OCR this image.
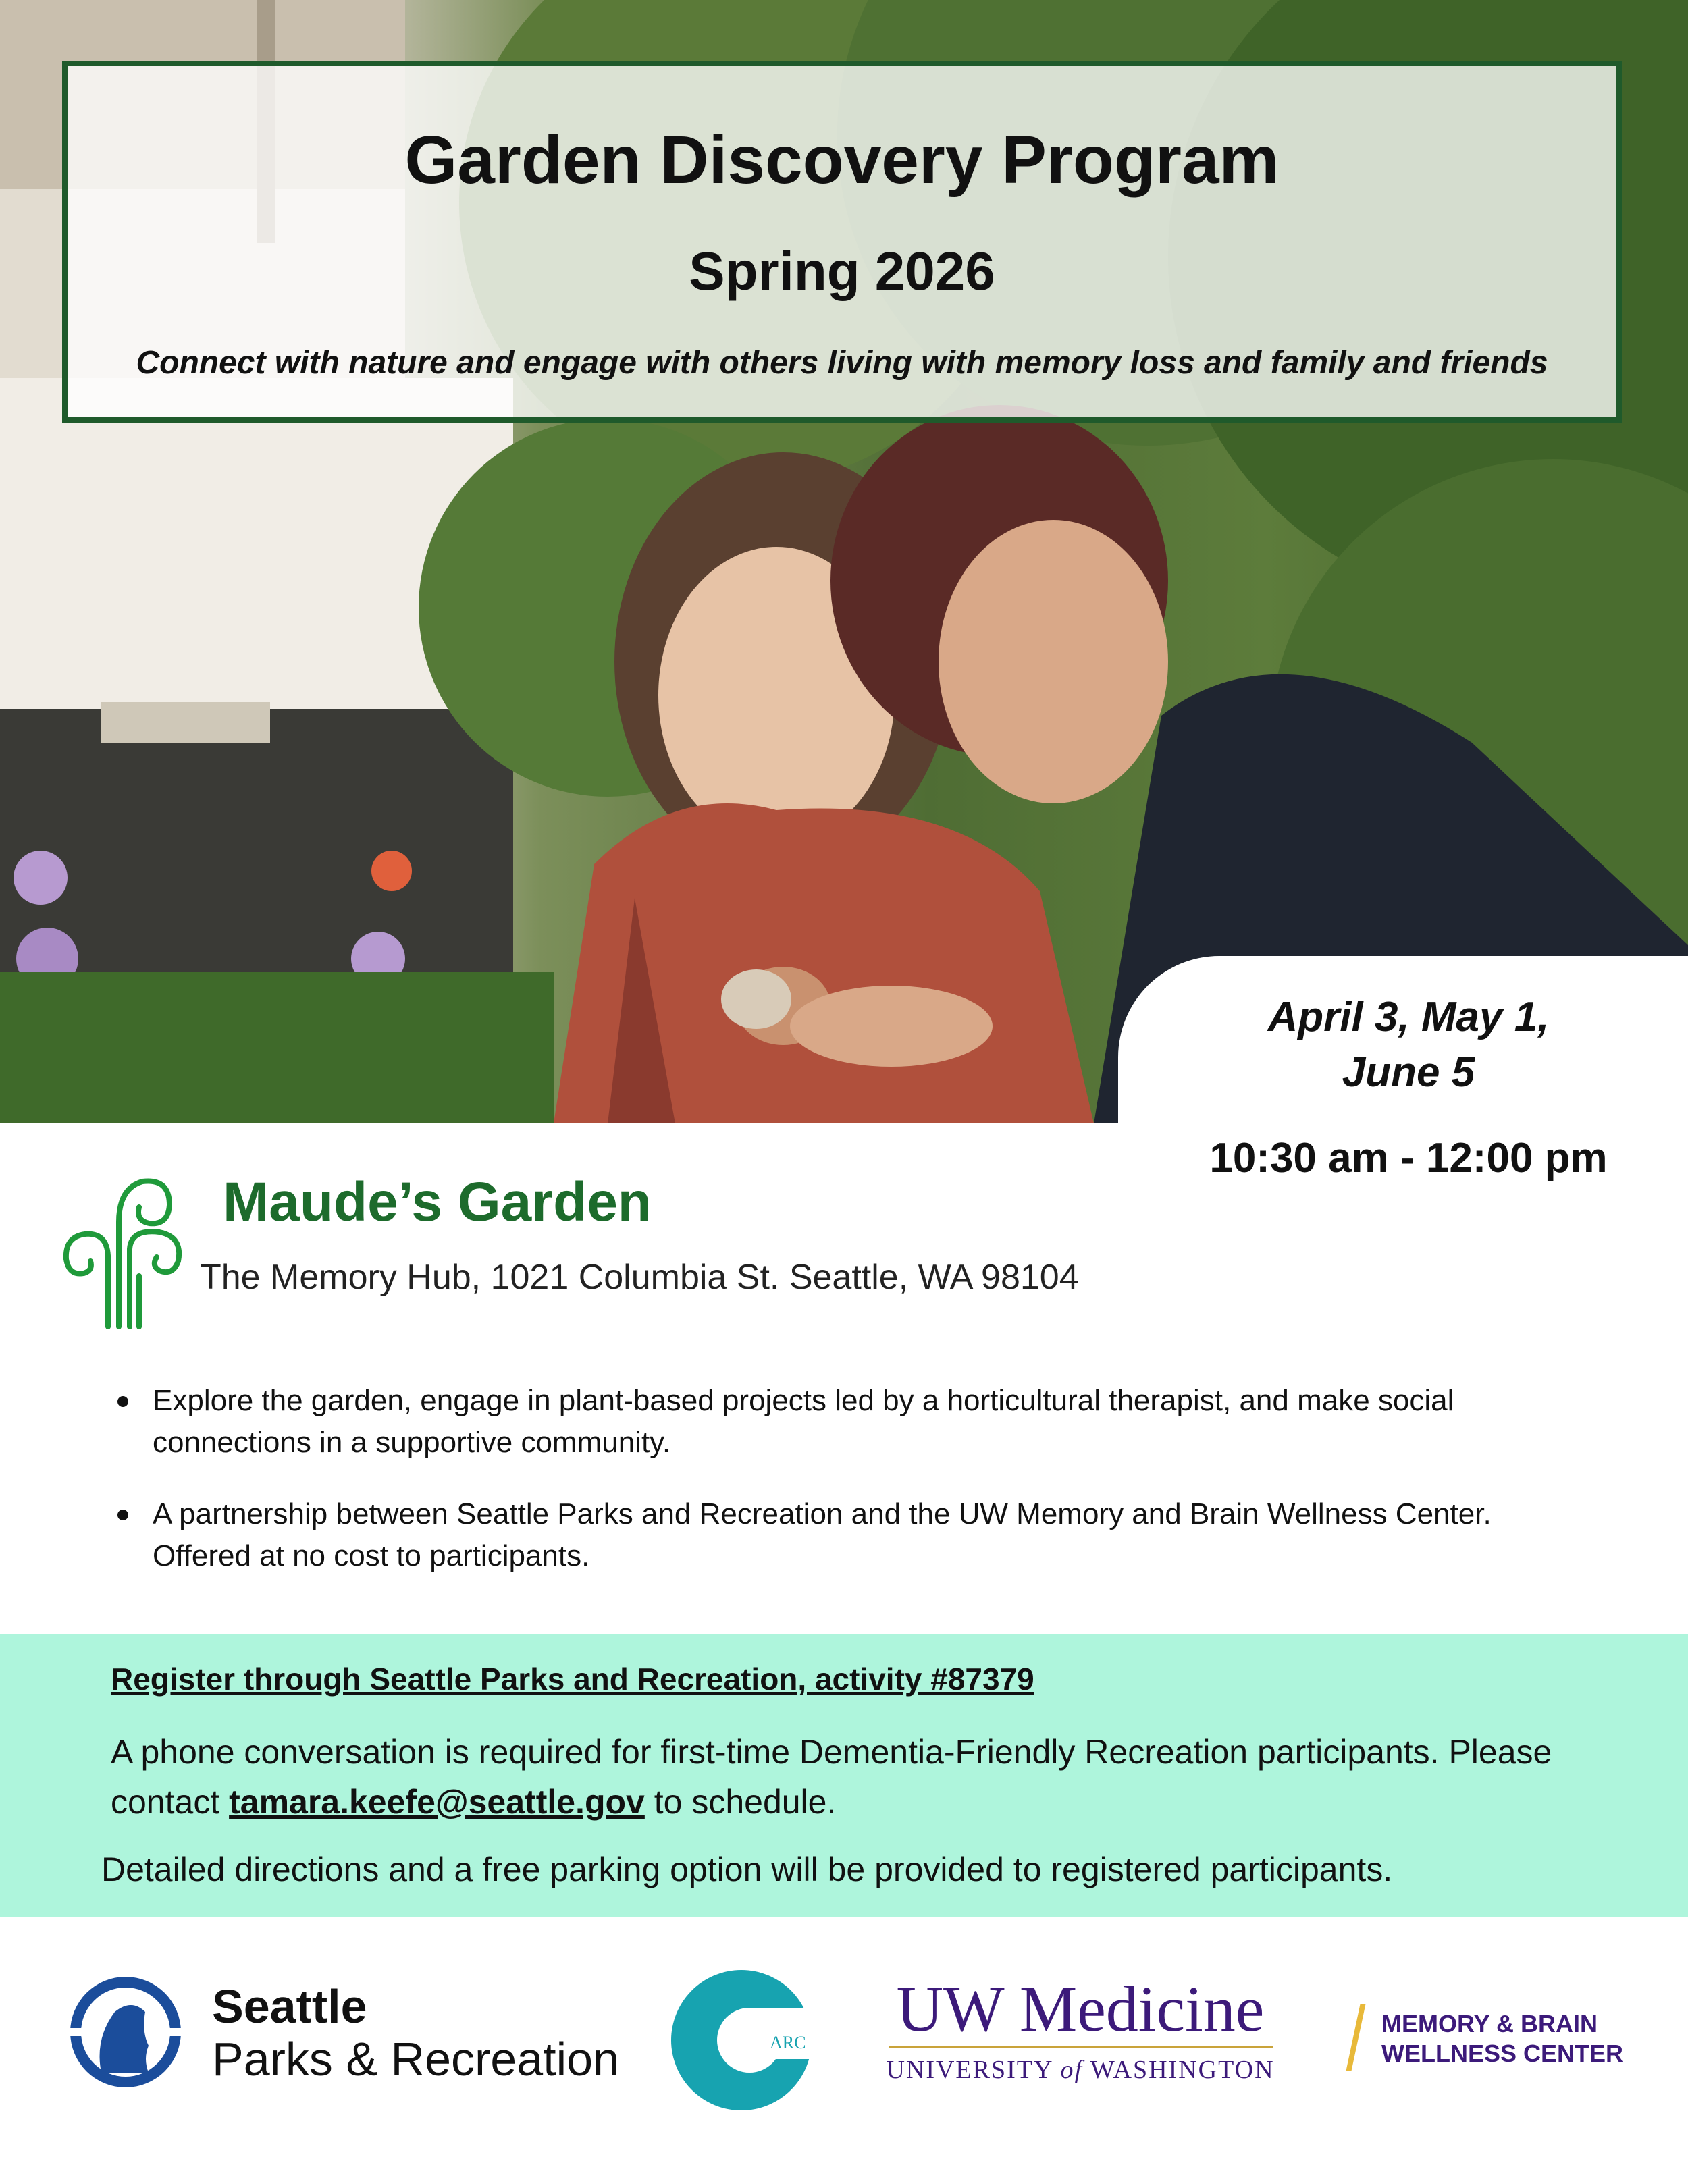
Garden Discovery Program
Spring 2026
Connect with nature and engage with others living with memory loss and family and friends
April 3, May 1,
June 5
10:30 am - 12:00 pm
Maude’s Garden
The Memory Hub, 1021 Columbia St. Seattle, WA 98104
Explore the garden, engage in plant-based projects led by a horticultural therapist, and make social connections in a supportive community.
A partnership between Seattle Parks and Recreation and the UW Memory and Brain Wellness Center. Offered at no cost to participants.
Register through Seattle Parks and Recreation, activity #87379
A phone conversation is required for first-time Dementia-Friendly Recreation participants. Please contact tamara.keefe@seattle.gov to schedule.
Detailed directions and a free parking option will be provided to registered participants.
Seattle
Parks & Recreation	ARC UW Medicine
UNIVERSITY of WASHINGTON
MEMORY & BRAIN
WELLNESS CENTER
